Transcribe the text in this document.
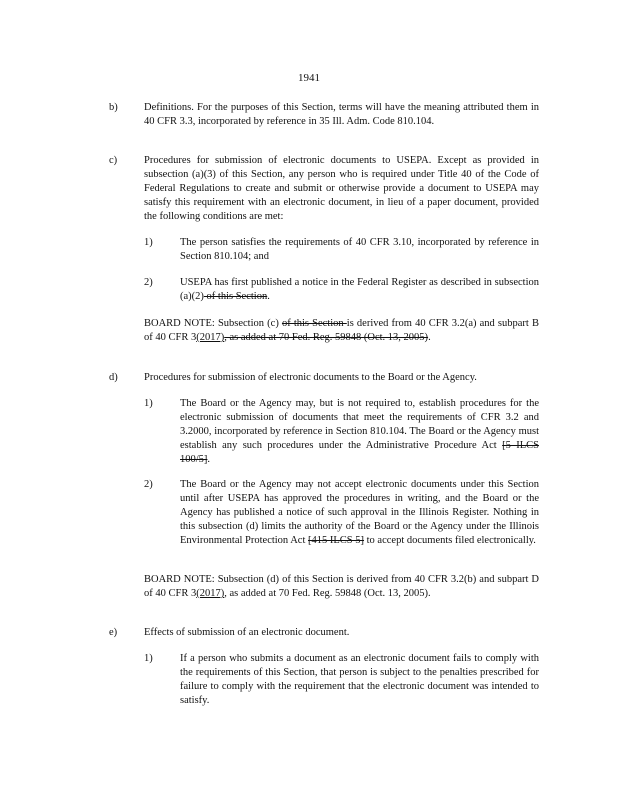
1941
b)	Definitions. For the purposes of this Section, terms will have the meaning attributed them in 40 CFR 3.3, incorporated by reference in 35 Ill. Adm. Code 810.104.
c)	Procedures for submission of electronic documents to USEPA. Except as provided in subsection (a)(3) of this Section, any person who is required under Title 40 of the Code of Federal Regulations to create and submit or otherwise provide a document to USEPA may satisfy this requirement with an electronic document, in lieu of a paper document, provided the following conditions are met:
1)	The person satisfies the requirements of 40 CFR 3.10, incorporated by reference in Section 810.104; and
2)	USEPA has first published a notice in the Federal Register as described in subsection (a)(2) of this Section.
BOARD NOTE: Subsection (c) of this Section is derived from 40 CFR 3.2(a) and subpart B of 40 CFR 3(2017), as added at 70 Fed. Reg. 59848 (Oct. 13, 2005).
d)	Procedures for submission of electronic documents to the Board or the Agency.
1)	The Board or the Agency may, but is not required to, establish procedures for the electronic submission of documents that meet the requirements of CFR 3.2 and 3.2000, incorporated by reference in Section 810.104. The Board or the Agency must establish any such procedures under the Administrative Procedure Act [5 ILCS 100/5].
2)	The Board or the Agency may not accept electronic documents under this Section until after USEPA has approved the procedures in writing, and the Board or the Agency has published a notice of such approval in the Illinois Register. Nothing in this subsection (d) limits the authority of the Board or the Agency under the Illinois Environmental Protection Act [415 ILCS 5] to accept documents filed electronically.
BOARD NOTE: Subsection (d) of this Section is derived from 40 CFR 3.2(b) and subpart D of 40 CFR 3(2017), as added at 70 Fed. Reg. 59848 (Oct. 13, 2005).
e)	Effects of submission of an electronic document.
1)	If a person who submits a document as an electronic document fails to comply with the requirements of this Section, that person is subject to the penalties prescribed for failure to comply with the requirement that the electronic document was intended to satisfy.
